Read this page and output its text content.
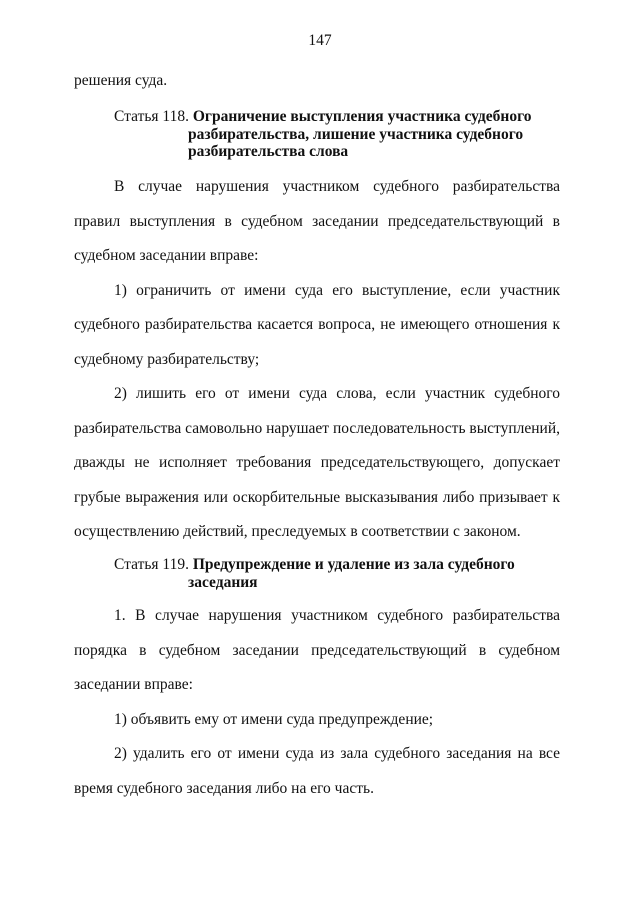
147

решения суда.

Статья 118. Ограничение выступления участника судебного
разбирательства, лишение участника судебного
разбирательства слова

В случае нарушения участником судебного разбирательства правил выступления в судебном заседании председательствующий в судебном заседании вправе:

1) ограничить от имени суда его выступление, если участник судебного разбирательства касается вопроса, не имеющего отношения к судебному разбирательству;

2) лишить его от имени суда слова, если участник судебного разбирательства самовольно нарушает последовательность выступлений, дважды не исполняет требования председательствующего, допускает грубые выражения или оскорбительные высказывания либо призывает к осуществлению действий, преследуемых в соответствии с законом.

Статья 119. Предупреждение и удаление из зала судебного
заседания

1. В случае нарушения участником судебного разбирательства порядка в судебном заседании председательствующий в судебном заседании вправе:

1) объявить ему от имени суда предупреждение;

2) удалить его от имени суда из зала судебного заседания на все время судебного заседания либо на его часть.
